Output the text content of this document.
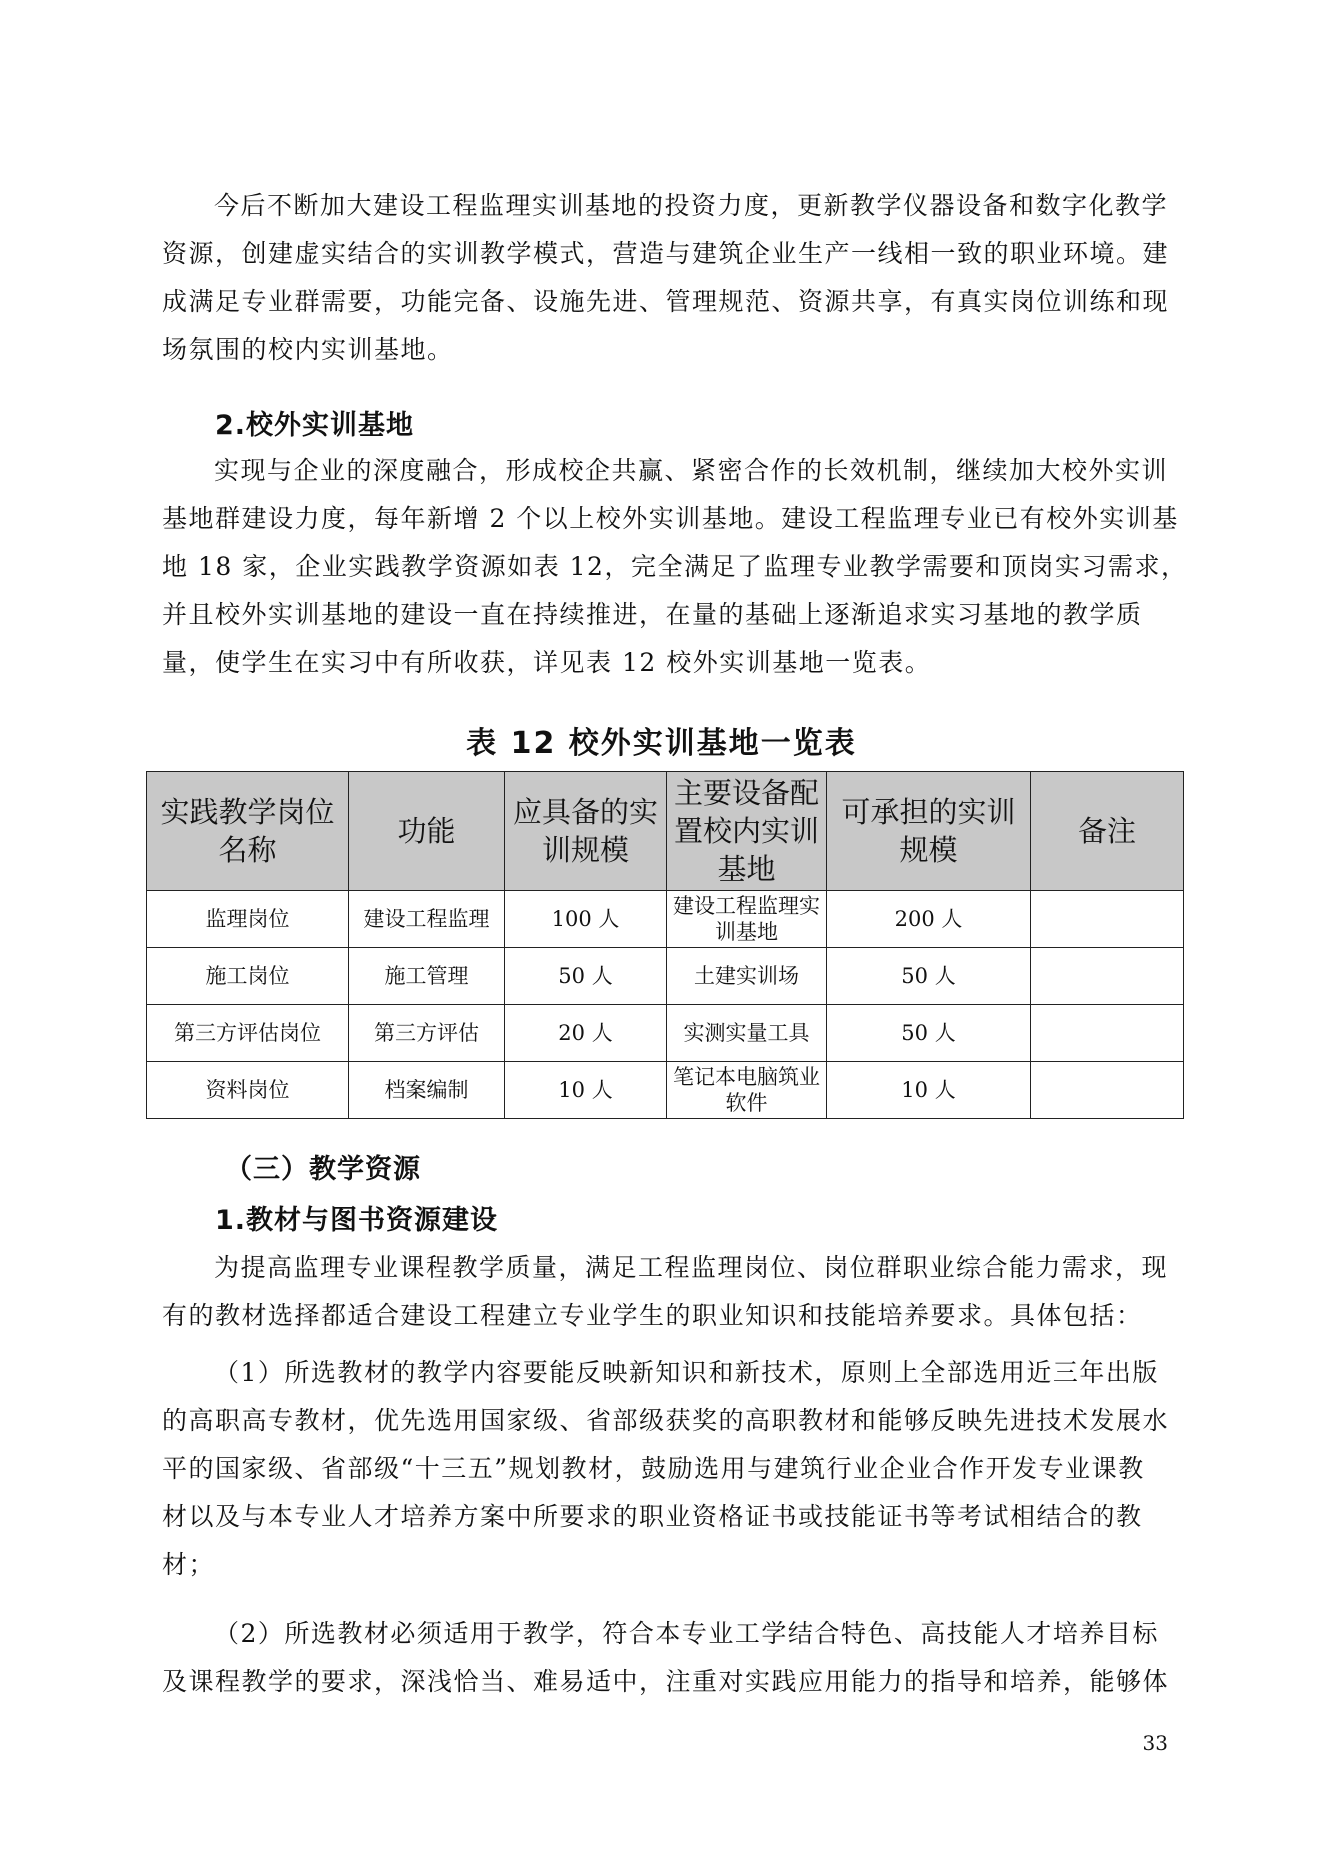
今后不断加大建设工程监理实训基地的投资力度，更新教学仪器设备和数字化教学
资源，创建虚实结合的实训教学模式，营造与建筑企业生产一线相一致的职业环境。建
成满足专业群需要，功能完备、设施先进、管理规范、资源共享，有真实岗位训练和现
场氛围的校内实训基地。
2.校外实训基地
实现与企业的深度融合，形成校企共赢、紧密合作的长效机制，继续加大校外实训
基地群建设力度，每年新增 2 个以上校外实训基地。建设工程监理专业已有校外实训基
地 18 家，企业实践教学资源如表 12，完全满足了监理专业教学需要和顶岗实习需求，
并且校外实训基地的建设一直在持续推进，在量的基础上逐渐追求实习基地的教学质
量，使学生在实习中有所收获，详见表 12 校外实训基地一览表。
表 12 校外实训基地一览表
实践教学岗位名称	功能	应具备的实训规模	主要设备配置校内实训基地	可承担的实训规模	备注
监理岗位	建设工程监理	100 人	建设工程监理实训基地	200 人	
施工岗位	施工管理	50 人	土建实训场	50 人	
第三方评估岗位	第三方评估	20 人	实测实量工具	50 人	
资料岗位	档案编制	10 人	笔记本电脑筑业软件	10 人	
（三）教学资源
1.教材与图书资源建设
为提高监理专业课程教学质量，满足工程监理岗位、岗位群职业综合能力需求，现
有的教材选择都适合建设工程建立专业学生的职业知识和技能培养要求。具体包括：
（1）所选教材的教学内容要能反映新知识和新技术，原则上全部选用近三年出版
的高职高专教材，优先选用国家级、省部级获奖的高职教材和能够反映先进技术发展水
平的国家级、省部级“十三五”规划教材，鼓励选用与建筑行业企业合作开发专业课教
材以及与本专业人才培养方案中所要求的职业资格证书或技能证书等考试相结合的教
材；
（2）所选教材必须适用于教学，符合本专业工学结合特色、高技能人才培养目标
及课程教学的要求，深浅恰当、难易适中，注重对实践应用能力的指导和培养，能够体
33
